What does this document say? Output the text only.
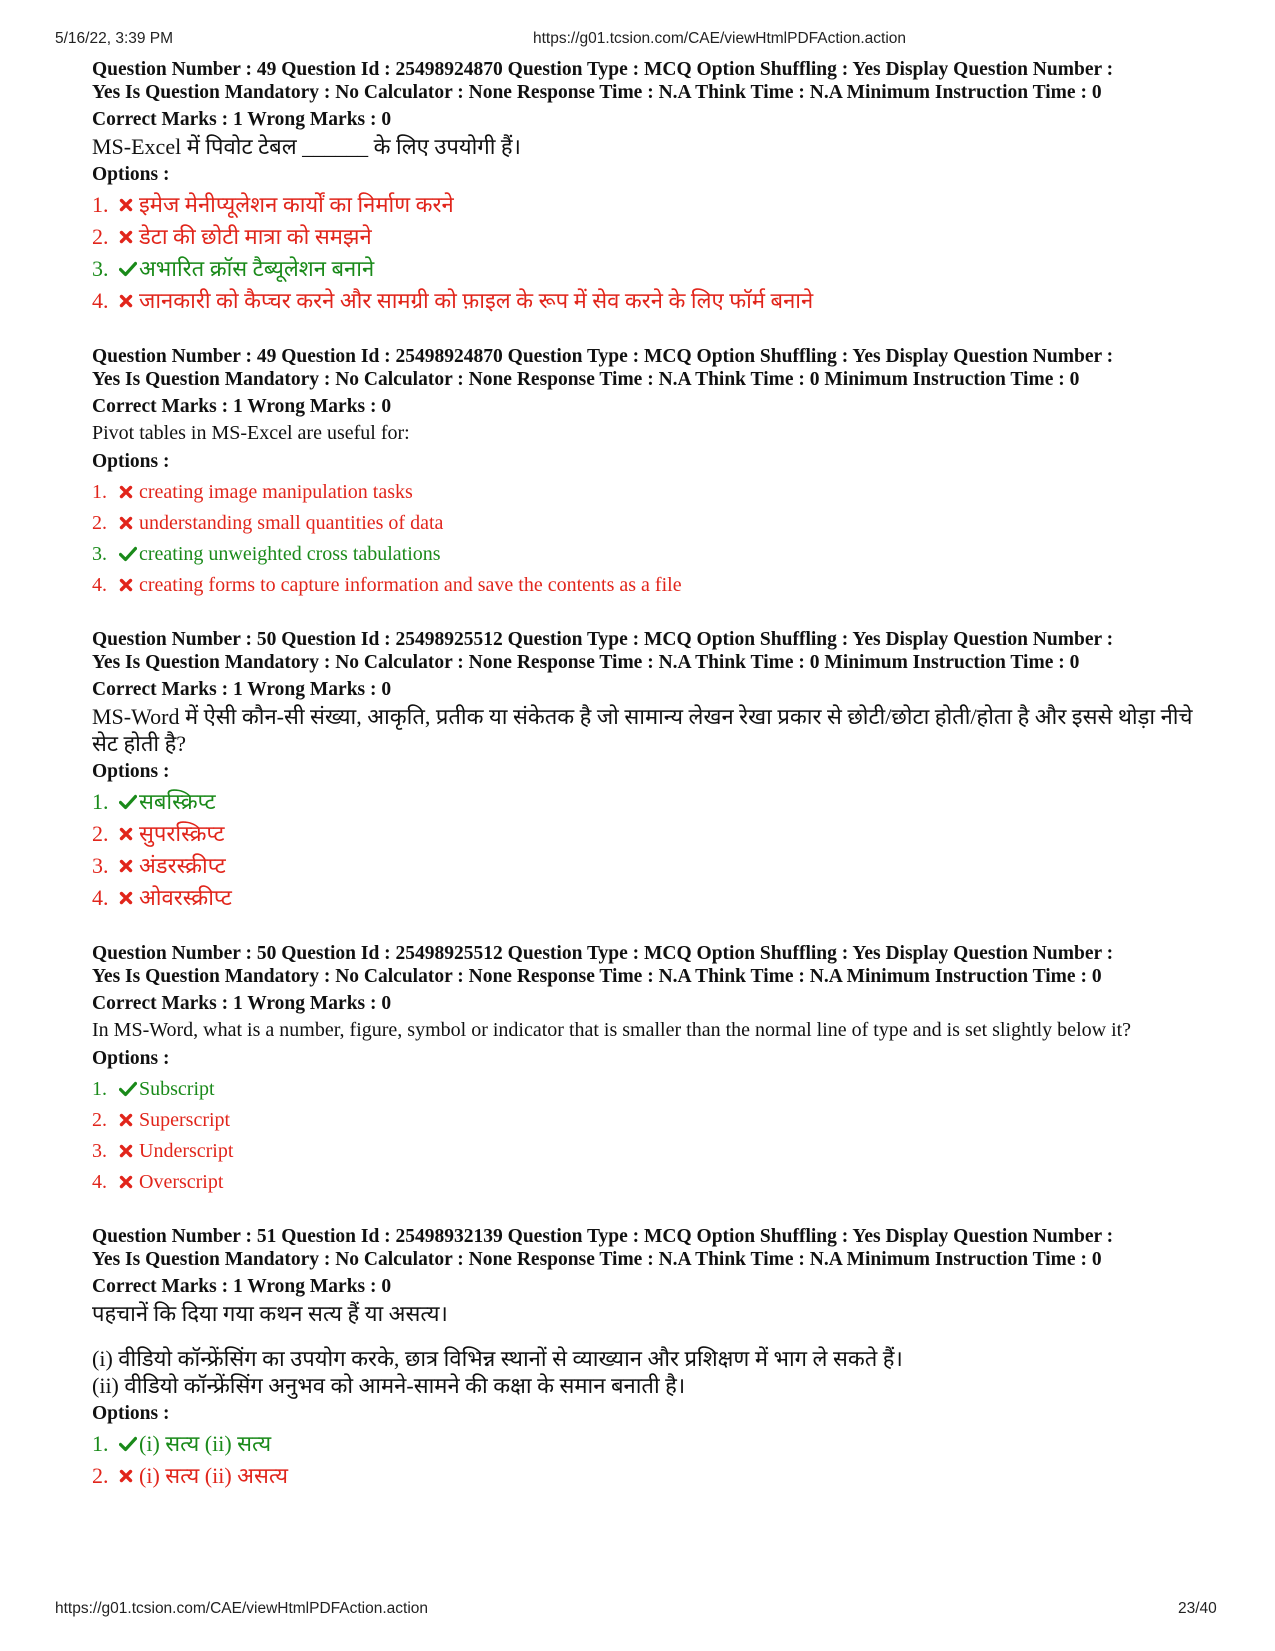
5/16/22, 3:39 PM	https://g01.tcsion.com/CAE/viewHtmlPDFAction.action
Question Number : 49 Question Id : 25498924870 Question Type : MCQ Option Shuffling : Yes Display Question Number :
Yes Is Question Mandatory : No Calculator : None Response Time : N.A Think Time : N.A Minimum Instruction Time : 0
Correct Marks : 1 Wrong Marks : 0
MS-Excel में पिवोट टेबल ______ के लिए उपयोगी हैं।
Options :
1.	इमेज मेनीप्यूलेशन कार्यों का निर्माण करने
2.	डेटा की छोटी मात्रा को समझने
3.	अभारित क्रॉस टैब्यूलेशन बनाने
4.	जानकारी को कैप्चर करने और सामग्री को फ़ाइल के रूप में सेव करने के लिए फॉर्म बनाने
Question Number : 49 Question Id : 25498924870 Question Type : MCQ Option Shuffling : Yes Display Question Number :
Yes Is Question Mandatory : No Calculator : None Response Time : N.A Think Time : 0 Minimum Instruction Time : 0
Correct Marks : 1 Wrong Marks : 0
Pivot tables in MS-Excel are useful for:
Options :
1.	creating image manipulation tasks
2.	understanding small quantities of data
3.	creating unweighted cross tabulations
4.	creating forms to capture information and save the contents as a file
Question Number : 50 Question Id : 25498925512 Question Type : MCQ Option Shuffling : Yes Display Question Number :
Yes Is Question Mandatory : No Calculator : None Response Time : N.A Think Time : 0 Minimum Instruction Time : 0
Correct Marks : 1 Wrong Marks : 0
MS-Word में ऐसी कौन-सी संख्या, आकृति, प्रतीक या संकेतक है जो सामान्य लेखन रेखा प्रकार से छोटी/छोटा होती/होता है और इससे थोड़ा नीचे सेट होती है?
Options :
1.	सबस्क्रिप्ट
2.	सुपरस्क्रिप्ट
3.	अंडरस्क्रीप्ट
4.	ओवरस्क्रीप्ट
Question Number : 50 Question Id : 25498925512 Question Type : MCQ Option Shuffling : Yes Display Question Number :
Yes Is Question Mandatory : No Calculator : None Response Time : N.A Think Time : N.A Minimum Instruction Time : 0
Correct Marks : 1 Wrong Marks : 0
In MS-Word, what is a number, figure, symbol or indicator that is smaller than the normal line of type and is set slightly below it?
Options :
1.	Subscript
2.	Superscript
3.	Underscript
4.	Overscript
Question Number : 51 Question Id : 25498932139 Question Type : MCQ Option Shuffling : Yes Display Question Number :
Yes Is Question Mandatory : No Calculator : None Response Time : N.A Think Time : N.A Minimum Instruction Time : 0
Correct Marks : 1 Wrong Marks : 0
पहचानें कि दिया गया कथन सत्य हैं या असत्य।
(i) वीडियो कॉन्फ्रेंसिंग का उपयोग करके, छात्र विभिन्न स्थानों से व्याख्यान और प्रशिक्षण में भाग ले सकते हैं।
(ii) वीडियो कॉन्फ्रेंसिंग अनुभव को आमने-सामने की कक्षा के समान बनाती है।
Options :
1.	(i) सत्य (ii) सत्य
2.	(i) सत्य (ii) असत्य
https://g01.tcsion.com/CAE/viewHtmlPDFAction.action	23/40
